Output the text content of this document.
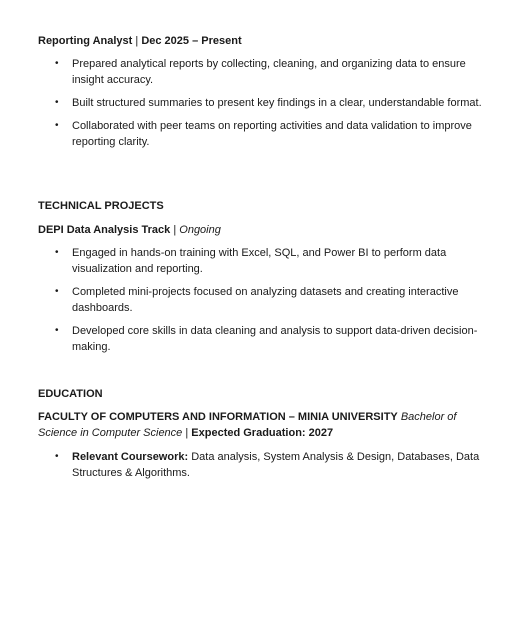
Reporting Analyst | Dec 2025 – Present
• Prepared analytical reports by collecting, cleaning, and organizing data to ensure insight accuracy.
• Built structured summaries to present key findings in a clear, understandable format.
• Collaborated with peer teams on reporting activities and data validation to improve reporting clarity.
TECHNICAL PROJECTS
DEPI Data Analysis Track | Ongoing
• Engaged in hands-on training with Excel, SQL, and Power BI to perform data visualization and reporting.
• Completed mini-projects focused on analyzing datasets and creating interactive dashboards.
• Developed core skills in data cleaning and analysis to support data-driven decision-making.
EDUCATION
FACULTY OF COMPUTERS AND INFORMATION – MINIA UNIVERSITY Bachelor of Science in Computer Science | Expected Graduation: 2027
• Relevant Coursework: Data analysis, System Analysis & Design, Databases, Data Structures & Algorithms.
